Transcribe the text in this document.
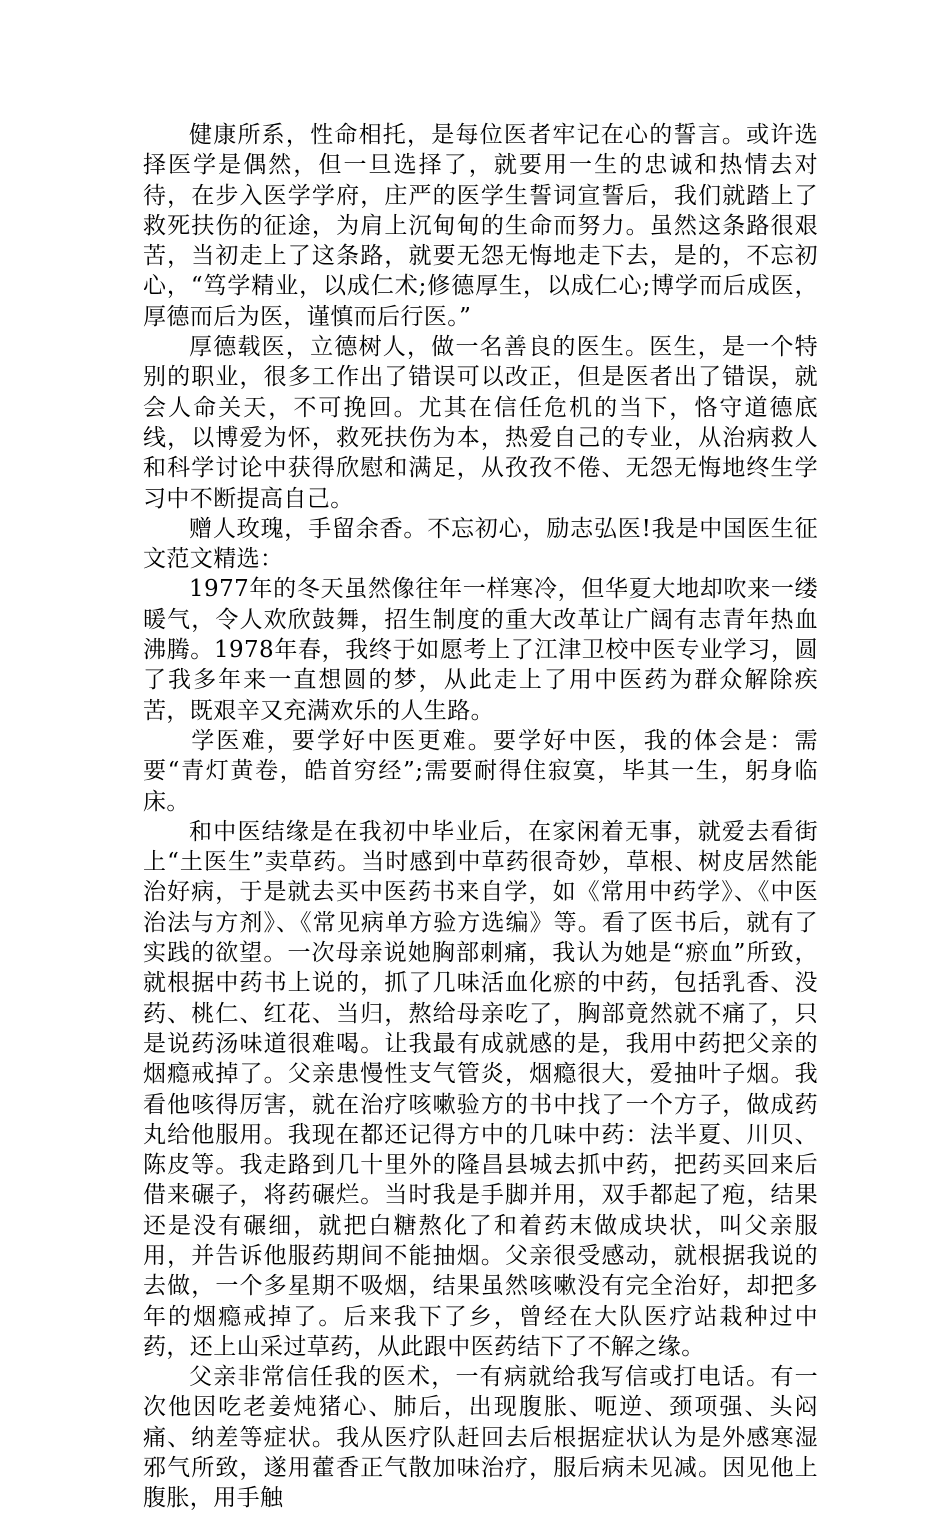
健康所系，性命相托，是每位医者牢记在心的誓言。或许选择医学是偶然，但一旦选择了，就要用一生的忠诚和热情去对待，在步入医学学府，庄严的医学生誓词宣誓后，我们就踏上了救死扶伤的征途，为肩上沉甸甸的生命而努力。虽然这条路很艰苦，当初走上了这条路，就要无怨无悔地走下去，是的，不忘初心，“笃学精业，以成仁术;修德厚生，以成仁心;博学而后成医，厚德而后为医，谨慎而后行医。”

厚德载医，立德树人，做一名善良的医生。医生，是一个特别的职业，很多工作出了错误可以改正，但是医者出了错误，就会人命关天，不可挽回。尤其在信任危机的当下，恪守道德底线，以博爱为怀，救死扶伤为本，热爱自己的专业，从治病救人和科学讨论中获得欣慰和满足，从孜孜不倦、无怨无悔地终生学习中不断提高自己。

赠人玫瑰，手留余香。不忘初心，励志弘医!我是中国医生征文范文精选：

1977年的冬天虽然像往年一样寒冷，但华夏大地却吹来一缕暖气，令人欢欣鼓舞，招生制度的重大改革让广阔有志青年热血沸腾。1978年春，我终于如愿考上了江津卫校中医专业学习，圆了我多年来一直想圆的梦，从此走上了用中医药为群众解除疾苦，既艰辛又充满欢乐的人生路。

学医难，要学好中医更难。要学好中医，我的体会是：需要“青灯黄卷，皓首穷经”;需要耐得住寂寞，毕其一生，躬身临床。

和中医结缘是在我初中毕业后，在家闲着无事，就爱去看街上“土医生”卖草药。当时感到中草药很奇妙，草根、树皮居然能治好病，于是就去买中医药书来自学，如《常用中药学》、《中医治法与方剂》、《常见病单方验方选编》等。看了医书后，就有了实践的欲望。一次母亲说她胸部刺痛，我认为她是“瘀血”所致，就根据中药书上说的，抓了几味活血化瘀的中药，包括乳香、没药、桃仁、红花、当归，熬给母亲吃了，胸部竟然就不痛了，只是说药汤味道很难喝。让我最有成就感的是，我用中药把父亲的烟瘾戒掉了。父亲患慢性支气管炎，烟瘾很大，爱抽叶子烟。我看他咳得厉害，就在治疗咳嗽验方的书中找了一个方子，做成药丸给他服用。我现在都还记得方中的几味中药：法半夏、川贝、陈皮等。我走路到几十里外的隆昌县城去抓中药，把药买回来后借来碾子，将药碾烂。当时我是手脚并用，双手都起了疱，结果还是没有碾细，就把白糖熬化了和着药末做成块状，叫父亲服用，并告诉他服药期间不能抽烟。父亲很受感动，就根据我说的去做，一个多星期不吸烟，结果虽然咳嗽没有完全治好，却把多年的烟瘾戒掉了。后来我下了乡，曾经在大队医疗站栽种过中药，还上山采过草药，从此跟中医药结下了不解之缘。

父亲非常信任我的医术，一有病就给我写信或打电话。有一次他因吃老姜炖猪心、肺后，出现腹胀、呃逆、颈项强、头闷痛、纳差等症状。我从医疗队赶回去后根据症状认为是外感寒湿邪气所致，遂用藿香正气散加味治疗，服后病未见减。因见他上腹胀，用手触
